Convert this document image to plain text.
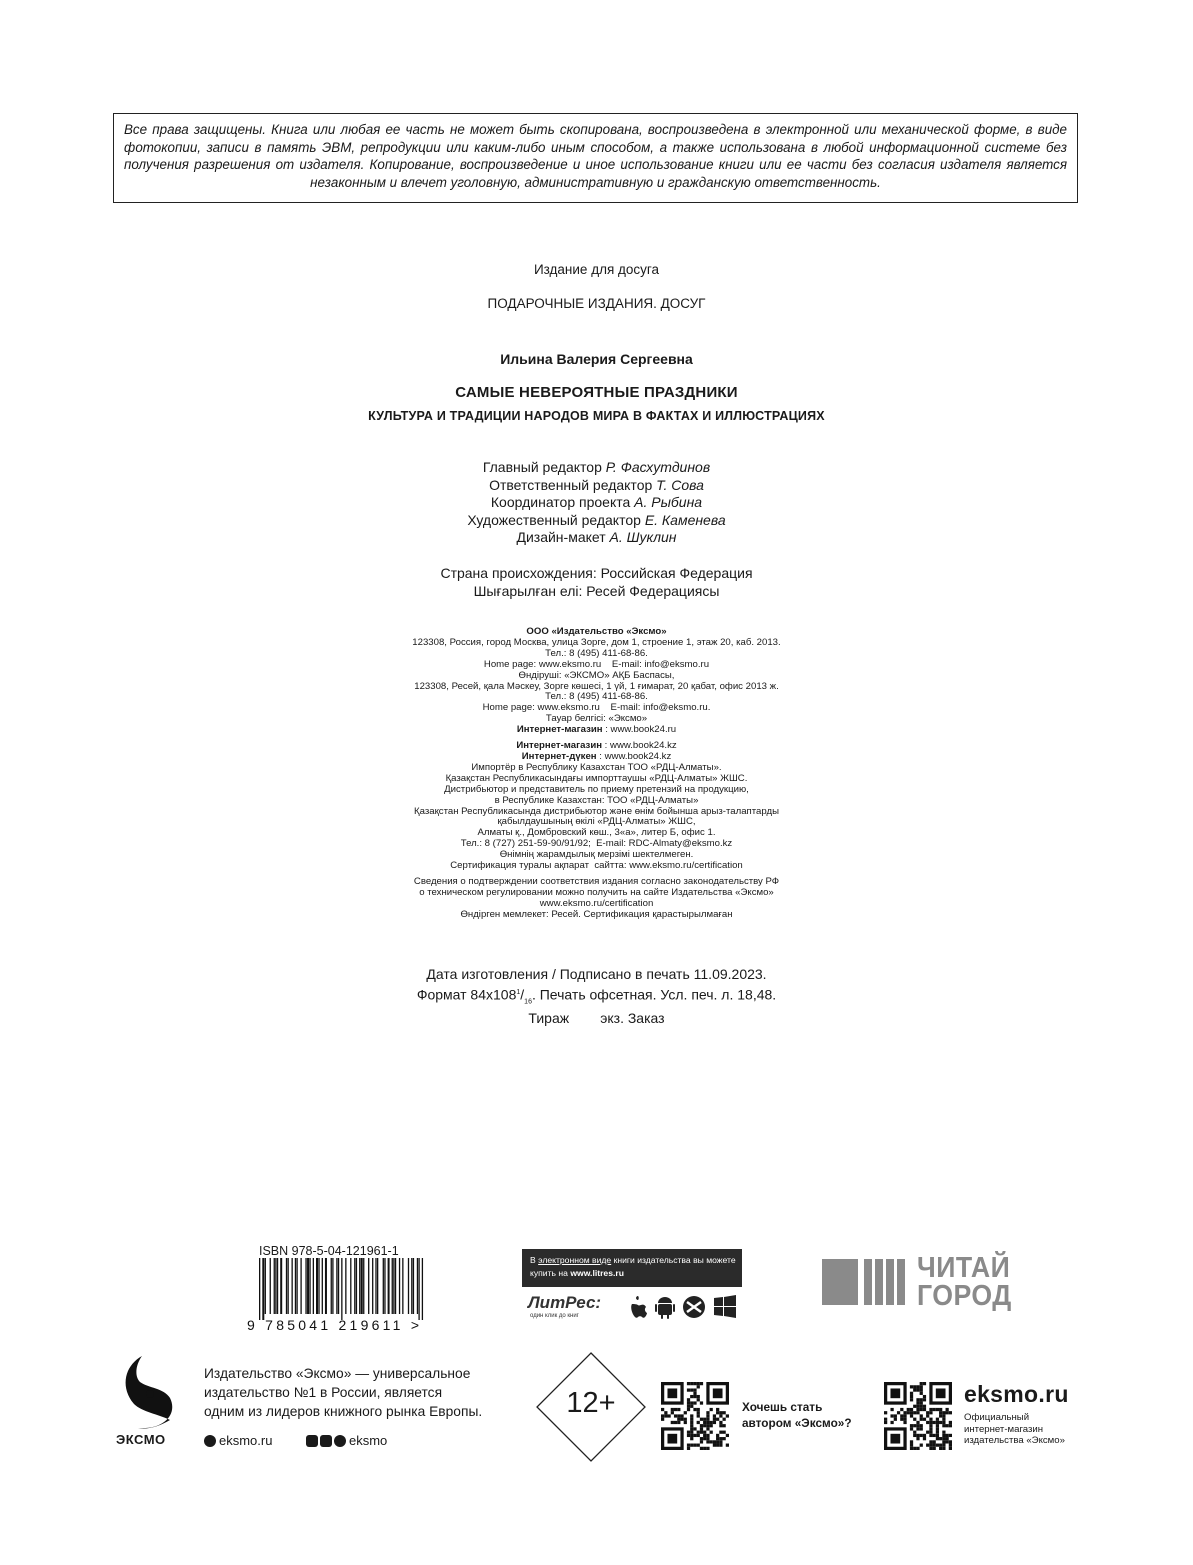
Все права защищены. Книга или любая ее часть не может быть скопирована, воспроизведена в электронной или механической форме, в виде фотокопии, записи в память ЭВМ, репродукции или каким-либо иным способом, а также использована в любой информационной системе без получения разрешения от издателя. Копирование, воспроизведение и иное использование книги или ее части без согласия издателя является незаконным и влечет уголовную, административную и гражданскую ответственность.
Издание для досуга
ПОДАРОЧНЫЕ ИЗДАНИЯ. ДОСУГ
Ильина Валерия Сергеевна
САМЫЕ НЕВЕРОЯТНЫЕ ПРАЗДНИКИ
КУЛЬТУРА И ТРАДИЦИИ НАРОДОВ МИРА В ФАКТАХ И ИЛЛЮСТРАЦИЯХ
Главный редактор Р. Фасхутдинов
Ответственный редактор Т. Сова
Координатор проекта А. Рыбина
Художественный редактор Е. Каменева
Дизайн-макет А. Шуклин
Страна происхождения: Российская Федерация
Шығарылған елі: Ресей Федерациясы
ООО «Издательство «Эксмо»
123308, Россия, город Москва, улица Зорге, дом 1, строение 1, этаж 20, каб. 2013.
Тел.: 8 (495) 411-68-86.
Home page: www.eksmo.ru    E-mail: info@eksmo.ru
Өндіруші: «ЭКСМО» АҚБ Баспасы,
123308, Ресей, қала Мәскеу, Зорге көшесі, 1 үй, 1 ғимарат, 20 қабат, офис 2013 ж.
Тел.: 8 (495) 411-68-86.
Home page: www.eksmo.ru    E-mail: info@eksmo.ru.
Тауар белгісі: «Эксмо»
Интернет-магазин : www.book24.ru
Интернет-магазин : www.book24.kz
Интернет-дүкен : www.book24.kz
Импортёр в Республику Казахстан ТОО «РДЦ-Алматы».
Қазақстан Республикасындағы импорттаушы «РДЦ-Алматы» ЖШС.
Дистрибьютор и представитель по приему претензий на продукцию,
в Республике Казахстан: ТОО «РДЦ-Алматы»
Қазақстан Республикасында дистрибьютор және өнім бойынша арыз-талаптарды
қабылдаушының өкілі «РДЦ-Алматы» ЖШС,
Алматы қ., Домбровский көш., 3«а», литер Б, офис 1.
Тел.: 8 (727) 251-59-90/91/92;  E-mail: RDC-Almaty@eksmo.kz
Өнімнің жарамдылық мерзімі шектелмеген.
Сертификация туралы ақпарат  сайтта: www.eksmo.ru/certification
Сведения о подтверждении соответствия издания согласно законодательству РФ
о техническом регулировании можно получить на сайте Издательства «Эксмо»
www.eksmo.ru/certification
Өндірген мемлекет: Ресей. Сертификация қарастырылмаған
Дата изготовления / Подписано в печать 11.09.2023.
Формат $84x108^1/_{16}$. Печать офсетная. Усл. печ. л. 18,48.
Тираж        экз. Заказ
ISBN 978-5-04-121961-1
9 785041 219611 >
В электронном виде книги издательства вы можете
купить на www.litres.ru
ЛитРес:
один клик до книг
ЧИТАЙ
ГОРОД
ЭКСМО
Издательство «Эксмо» — универсальное
издательство №1 в России, является
одним из лидеров книжного рынка Европы.
eksmo.ru	eksmo
12+	Хочешь стать
автором «Эксмо»?
eksmo.ru
Официальный
интернет-магазин
издательства «Эксмо»
